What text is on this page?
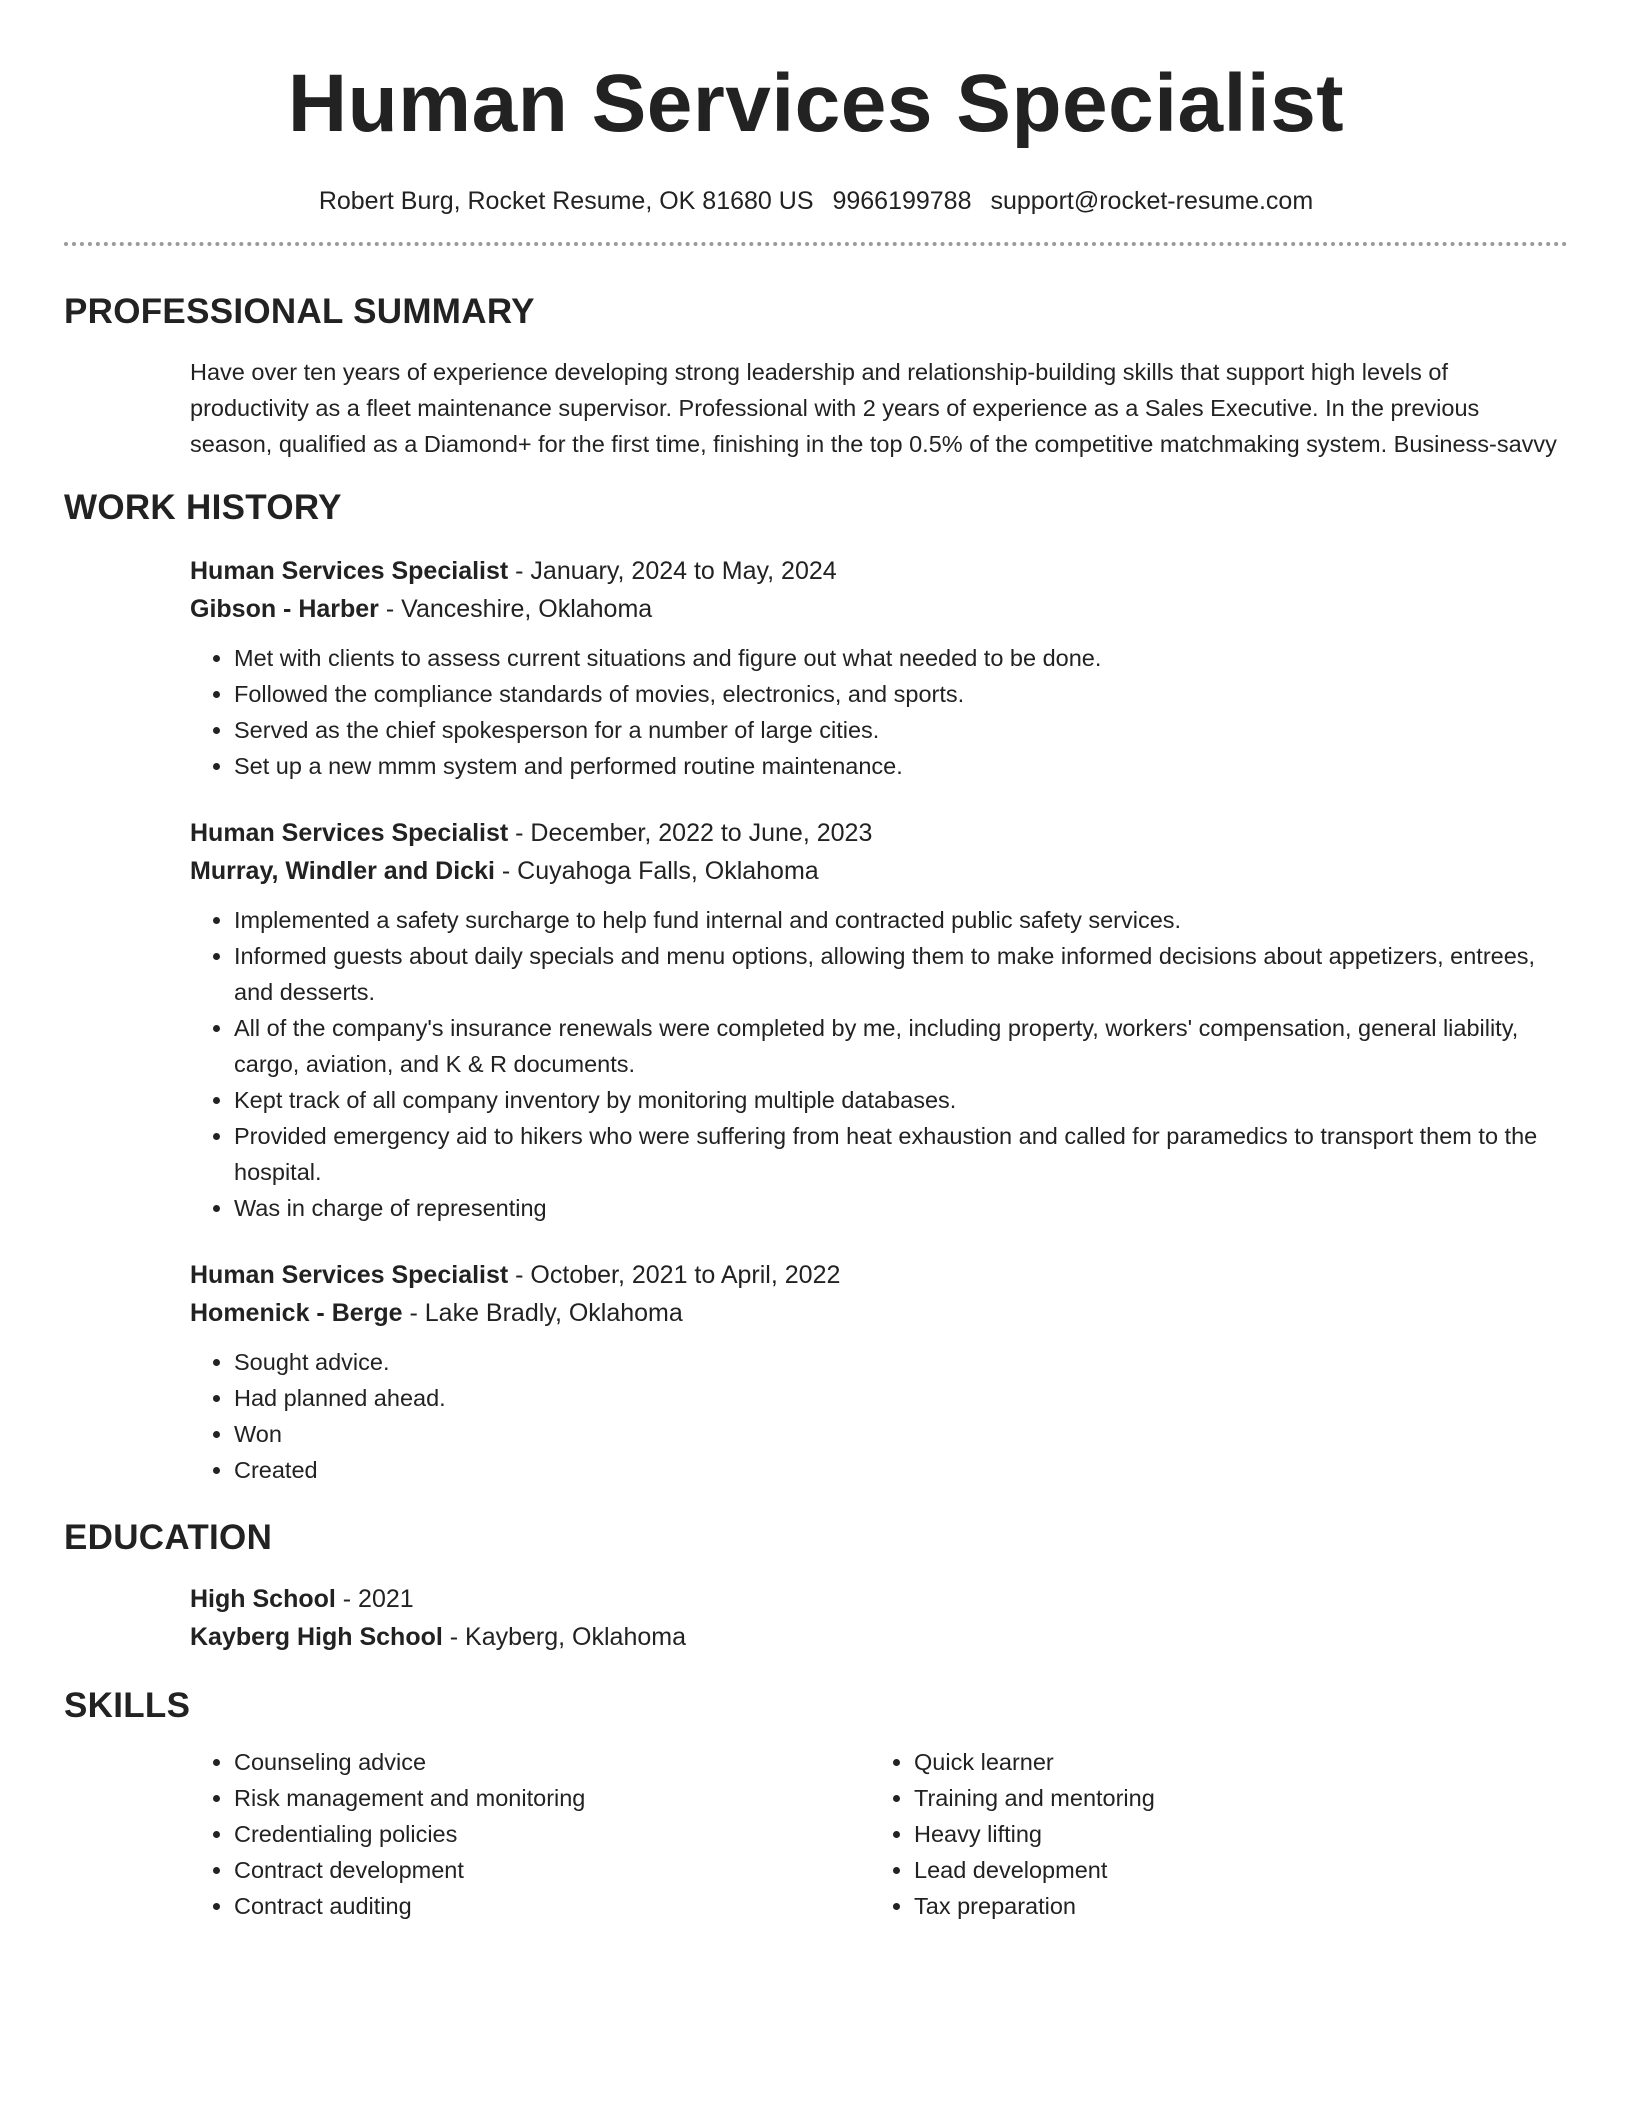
Human Services Specialist
Robert Burg, Rocket Resume, OK 81680 US 9966199788 support@rocket-resume.com
PROFESSIONAL SUMMARY
Have over ten years of experience developing strong leadership and relationship-building skills that support high levels of productivity as a fleet maintenance supervisor. Professional with 2 years of experience as a Sales Executive. In the previous season, qualified as a Diamond+ for the first time, finishing in the top 0.5% of the competitive matchmaking system. Business-savvy
WORK HISTORY
Human Services Specialist - January, 2024 to May, 2024
Gibson - Harber - Vanceshire, Oklahoma
• Met with clients to assess current situations and figure out what needed to be done.
• Followed the compliance standards of movies, electronics, and sports.
• Served as the chief spokesperson for a number of large cities.
• Set up a new mmm system and performed routine maintenance.
Human Services Specialist - December, 2022 to June, 2023
Murray, Windler and Dicki - Cuyahoga Falls, Oklahoma
• Implemented a safety surcharge to help fund internal and contracted public safety services.
• Informed guests about daily specials and menu options, allowing them to make informed decisions about appetizers, entrees, and desserts.
• All of the company's insurance renewals were completed by me, including property, workers' compensation, general liability, cargo, aviation, and K & R documents.
• Kept track of all company inventory by monitoring multiple databases.
• Provided emergency aid to hikers who were suffering from heat exhaustion and called for paramedics to transport them to the hospital.
• Was in charge of representing
Human Services Specialist - October, 2021 to April, 2022
Homenick - Berge - Lake Bradly, Oklahoma
• Sought advice.
• Had planned ahead.
• Won
• Created
EDUCATION
High School - 2021
Kayberg High School - Kayberg, Oklahoma
SKILLS
• Counseling advice
• Risk management and monitoring
• Credentialing policies
• Contract development
• Contract auditing
• Quick learner
• Training and mentoring
• Heavy lifting
• Lead development
• Tax preparation
